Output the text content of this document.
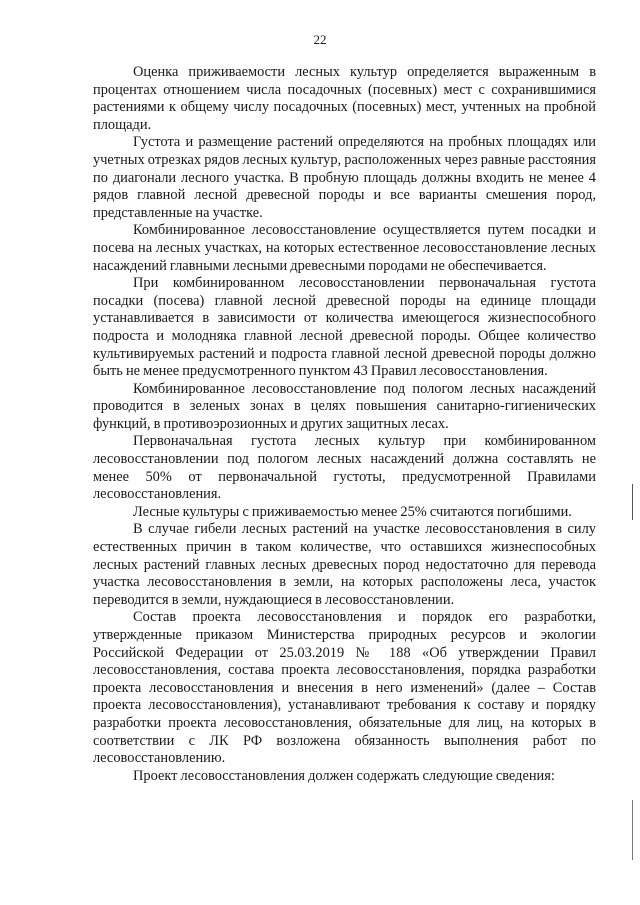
22

Оценка приживаемости лесных культур определяется выраженным в процентах отношением числа посадочных (посевных) мест с сохранившимися растениями к общему числу посадочных (посевных) мест, учтенных на пробной площади.

Густота и размещение растений определяются на пробных площадях или учетных отрезках рядов лесных культур, расположенных через равные расстояния по диагонали лесного участка. В пробную площадь должны входить не менее 4 рядов главной лесной древесной породы и все варианты смешения пород, представленные на участке.

Комбинированное лесовосстановление осуществляется путем посадки и посева на лесных участках, на которых естественное лесовосстановление лесных насаждений главными лесными древесными породами не обеспечивается.

При комбинированном лесовосстановлении первоначальная густота посадки (посева) главной лесной древесной породы на единице площади устанавливается в зависимости от количества имеющегося жизнеспособного подроста и молодняка главной лесной древесной породы. Общее количество культивируемых растений и подроста главной лесной древесной породы должно быть не менее предусмотренного пунктом 43 Правил лесовосстановления.

Комбинированное лесовосстановление под пологом лесных насаждений проводится в зеленых зонах в целях повышения санитарно-гигиенических функций, в противоэрозионных и других защитных лесах.

Первоначальная густота лесных культур при комбинированном лесовосстановлении под пологом лесных насаждений должна составлять не менее 50% от первоначальной густоты, предусмотренной Правилами лесовосстановления.

Лесные культуры с приживаемостью менее 25% считаются погибшими.

В случае гибели лесных растений на участке лесовосстановления в силу естественных причин в таком количестве, что оставшихся жизнеспособных лесных растений главных лесных древесных пород недостаточно для перевода участка лесовосстановления в земли, на которых расположены леса, участок переводится в земли, нуждающиеся в лесовосстановлении.

Состав проекта лесовосстановления и порядок его разработки, утвержденные приказом Министерства природных ресурсов и экологии Российской Федерации от 25.03.2019 № 188 «Об утверждении Правил лесовосстановления, состава проекта лесовосстановления, порядка разработки проекта лесовосстановления и внесения в него изменений» (далее – Состав проекта лесовосстановления), устанавливают требования к составу и порядку разработки проекта лесовосстановления, обязательные для лиц, на которых в соответствии с ЛК РФ возложена обязанность выполнения работ по лесовосстановлению.

Проект лесовосстановления должен содержать следующие сведения:
